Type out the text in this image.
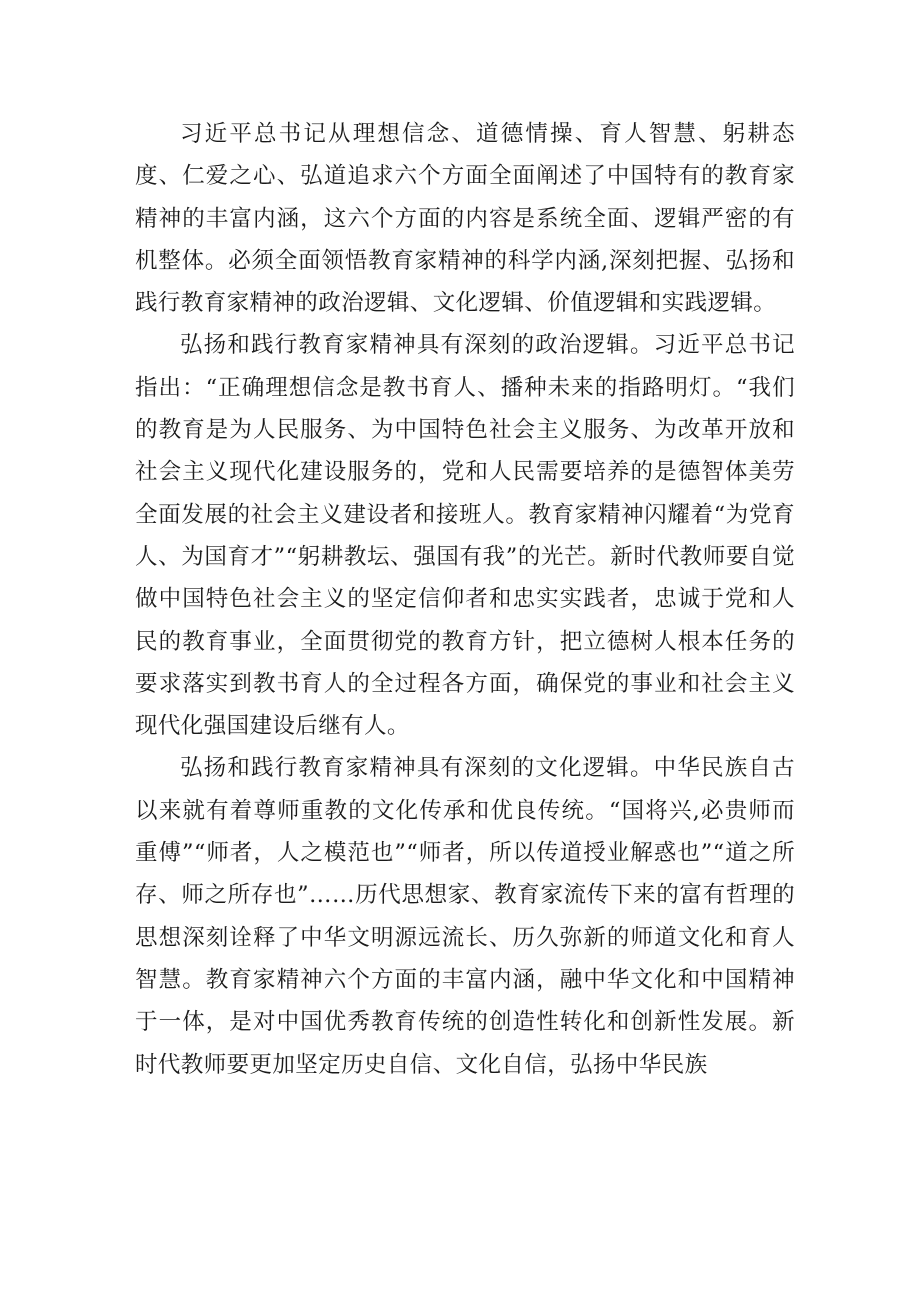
习近平总书记从理想信念、道德情操、育人智慧、躬耕态度、仁爱之心、弘道追求六个方面全面阐述了中国特有的教育家精神的丰富内涵，这六个方面的内容是系统全面、逻辑严密的有机整体。必须全面领悟教育家精神的科学内涵,深刻把握、弘扬和践行教育家精神的政治逻辑、文化逻辑、价值逻辑和实践逻辑。

弘扬和践行教育家精神具有深刻的政治逻辑。习近平总书记指出：“正确理想信念是教书育人、播种未来的指路明灯。“我们的教育是为人民服务、为中国特色社会主义服务、为改革开放和社会主义现代化建设服务的，党和人民需要培养的是德智体美劳全面发展的社会主义建设者和接班人。教育家精神闪耀着“为党育人、为国育才”“躬耕教坛、强国有我”的光芒。新时代教师要自觉做中国特色社会主义的坚定信仰者和忠实实践者，忠诚于党和人民的教育事业，全面贯彻党的教育方针，把立德树人根本任务的要求落实到教书育人的全过程各方面，确保党的事业和社会主义现代化强国建设后继有人。

弘扬和践行教育家精神具有深刻的文化逻辑。中华民族自古以来就有着尊师重教的文化传承和优良传统。“国将兴,必贵师而重傅”“师者，人之模范也”“师者，所以传道授业解惑也”“道之所存、师之所存也”……历代思想家、教育家流传下来的富有哲理的思想深刻诠释了中华文明源远流长、历久弥新的师道文化和育人智慧。教育家精神六个方面的丰富内涵，融中华文化和中国精神于一体，是对中国优秀教育传统的创造性转化和创新性发展。新时代教师要更加坚定历史自信、文化自信，弘扬中华民族
